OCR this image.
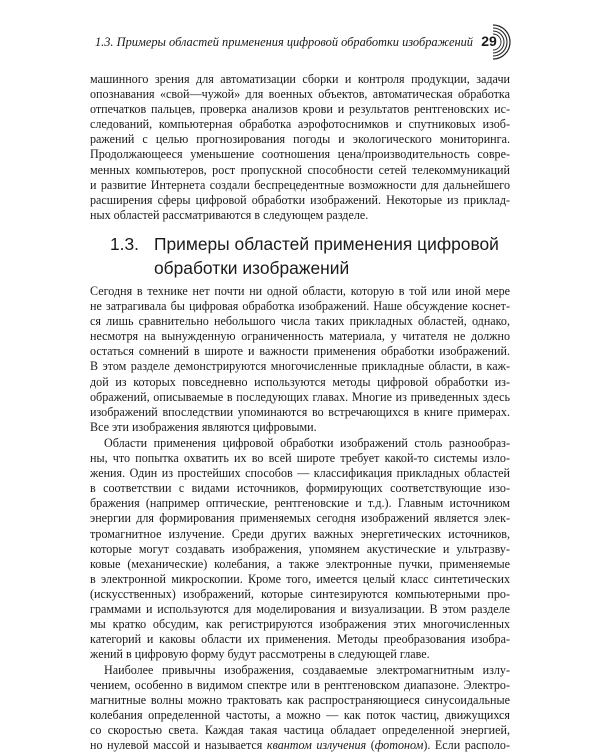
1.3. Примеры областей применения цифровой обработки изображений 29
машинного зрения для автоматизации сборки и контроля продукции, задачи
опознавания «свой—чужой» для военных объектов, автоматическая обработка
отпечатков пальцев, проверка анализов крови и результатов рентгеновских ис-
следований, компьютерная обработка аэрофотоснимков и спутниковых изоб-
ражений с целью прогнозирования погоды и экологического мониторинга.
Продолжающееся уменьшение соотношения цена/производительность совре-
менных компьютеров, рост пропускной способности сетей телекоммуникаций
и развитие Интернета создали беспрецедентные возможности для дальнейшего
расширения сферы цифровой обработки изображений. Некоторые из приклад-
ных областей рассматриваются в следующем разделе.
1.3. Примеры областей применения цифровой
обработки изображений
Сегодня в технике нет почти ни одной области, которую в той или иной мере
не затрагивала бы цифровая обработка изображений. Наше обсуждение коснет-
ся лишь сравнительно небольшого числа таких прикладных областей, однако,
несмотря на вынужденную ограниченность материала, у читателя не должно
остаться сомнений в широте и важности применения обработки изображений.
В этом разделе демонстрируются многочисленные прикладные области, в каж-
дой из которых повседневно используются методы цифровой обработки из-
ображений, описываемые в последующих главах. Многие из приведенных здесь
изображений впоследствии упоминаются во встречающихся в книге примерах.
Все эти изображения являются цифровыми.
Области применения цифровой обработки изображений столь разнообраз-
ны, что попытка охватить их во всей широте требует какой-то системы изло-
жения. Один из простейших способов — классификация прикладных областей
в соответствии с видами источников, формирующих соответствующие изо-
бражения (например оптические, рентгеновские и т.д.). Главным источником
энергии для формирования применяемых сегодня изображений является элек-
тромагнитное излучение. Среди других важных энергетических источников,
которые могут создавать изображения, упомянем акустические и ультразву-
ковые (механические) колебания, а также электронные пучки, применяемые
в электронной микроскопии. Кроме того, имеется целый класс синтетических
(искусственных) изображений, которые синтезируются компьютерными про-
граммами и используются для моделирования и визуализации. В этом разделе
мы кратко обсудим, как регистрируются изображения этих многочисленных
категорий и каковы области их применения. Методы преобразования изобра-
жений в цифровую форму будут рассмотрены в следующей главе.
Наиболее привычны изображения, создаваемые электромагнитным излу-
чением, особенно в видимом спектре или в рентгеновском диапазоне. Электро-
магнитные волны можно трактовать как распространяющиеся синусоидальные
колебания определенной частоты, а можно — как поток частиц, движущихся
со скоростью света. Каждая такая частица обладает определенной энергией,
но нулевой массой и называется квантом излучения (фотоном). Если располо-
